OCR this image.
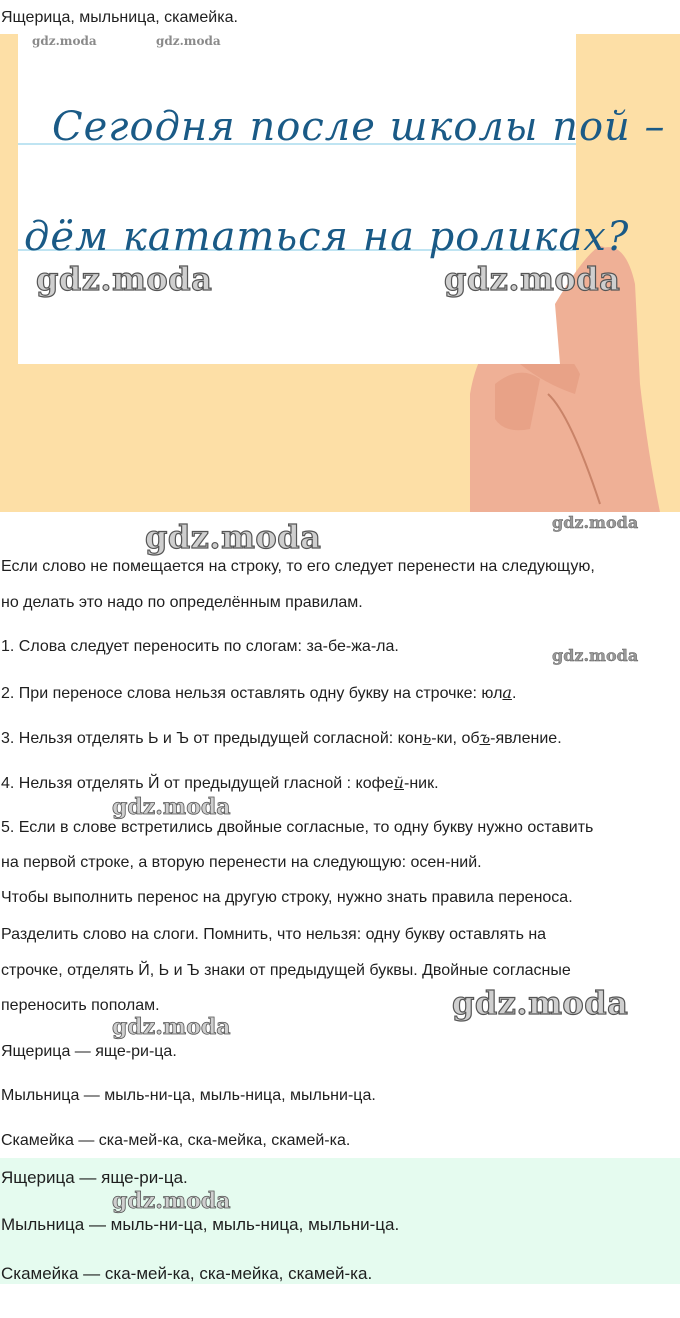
Ящерица, мыльница, скамейка.
Сегодня после школы пой –
дём кататься на роликах?
gdz.moda	gdz.moda
gdz.moda	gdz.moda
gdz.moda	gdz.moda
gdz.moda
gdz.moda
gdz.moda
gdz.moda
Если слово не помещается на строку, то его следует перенести на следующую,
но делать это надо по определённым правилам.
1. Слова следует переносить по слогам: за-бе-жа-ла.
2. При переносе слова нельзя оставлять одну букву на строчке: юла.
3. Нельзя отделять Ь и Ъ от предыдущей согласной: конь-ки, объ-явление.
4. Нельзя отделять Й от предыдущей гласной : кофей-ник.
5. Если в слове встретились двойные согласные, то одну букву нужно оставить
на первой строке, а вторую перенести на следующую: осен-ний.
Чтобы выполнить перенос на другую строку, нужно знать правила переноса.
Разделить слово на слоги. Помнить, что нельзя: одну букву оставлять на
строчке, отделять Й, Ь и Ъ знаки от предыдущей буквы. Двойные согласные
переносить пополам.
Ящерица — яще-ри-ца.
Мыльница — мыль-ни-ца, мыль-ница, мыльни-ца.
Скамейка — ска-мей-ка, ска-мейка, скамей-ка.
Ящерица — яще-ри-ца.
gdz.moda
Мыльница — мыль-ни-ца, мыль-ница, мыльни-ца.
Скамейка — ска-мей-ка, ска-мейка, скамей-ка.
